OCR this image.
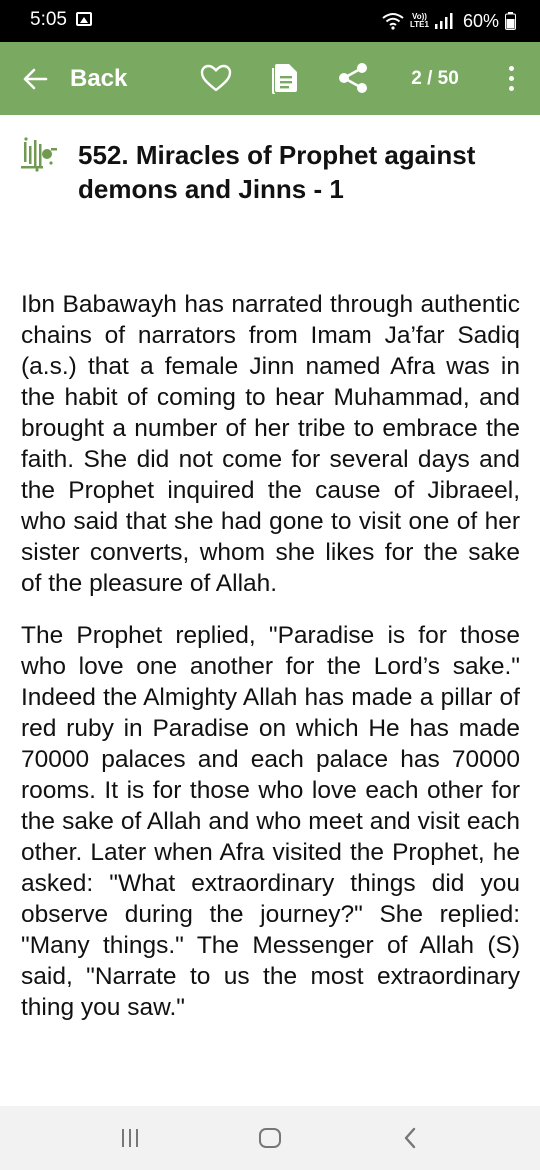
5:05	Vo))
LTE1 60%
Back	2 / 50
552. Miracles of Prophet against demons and Jinns - 1

Ibn Babawayh has narrated through authentic chains of narrators from Imam Ja’far Sadiq (a.s.) that a female Jinn named Afra was in the habit of coming to hear Muhammad, and brought a number of her tribe to embrace the faith. She did not come for several days and the Prophet inquired the cause of Jibraeel, who said that she had gone to visit one of her sister converts, whom she likes for the sake of the pleasure of Allah.

The Prophet replied, "Paradise is for those who love one another for the Lord’s sake." Indeed the Almighty Allah has made a pillar of red ruby in Paradise on which He has made 70000 palaces and each palace has 70000 rooms. It is for those who love each other for the sake of Allah and who meet and visit each other. Later when Afra visited the Prophet, he asked: "What extraordinary things did you observe during the journey?" She replied: "Many things." The Messenger of Allah (S) said, "Narrate to us the most extraordinary thing you saw."
